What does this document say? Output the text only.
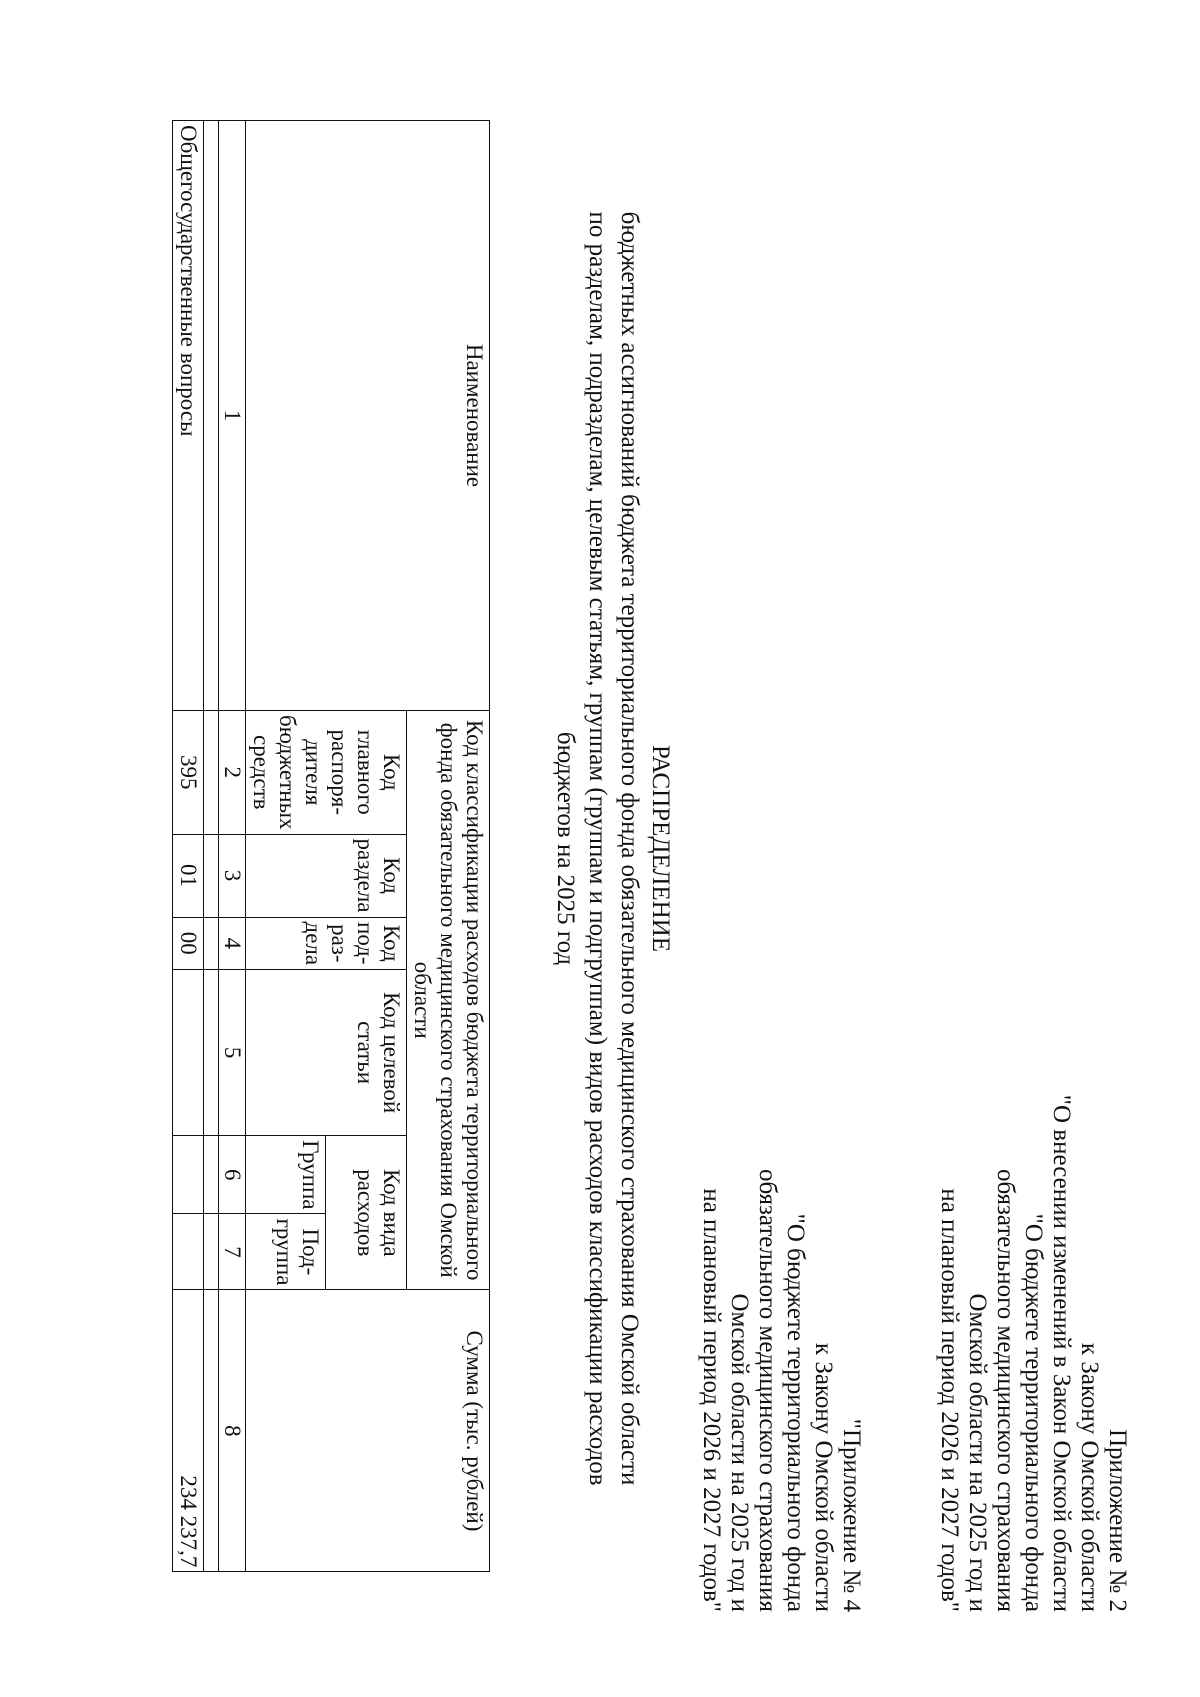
Приложение № 2
к Закону Омской области
"О внесении изменений в Закон Омской области
"О бюджете территориального фонда
обязательного медицинского страхования
Омской области на 2025 год и
на плановый период 2026 и 2027 годов"
"Приложение № 4
к Закону Омской области
"О бюджете территориального фонда
обязательного медицинского страхования
Омской области на 2025 год и
на плановый период 2026 и 2027 годов"
РАСПРЕДЕЛЕНИЕ
бюджетных ассигнований бюджета территориального фонда обязательного медицинского страхования Омской области
по разделам, подразделам, целевым статьям, группам (группам и подгруппам) видов расходов классификации расходов
бюджетов на 2025 год
Наименование	Код классификации расходов бюджета территориального фонда обязательного медицинского страхования Омской области						Сумма (тыс. рублей)
	Код главного распоря-дителя бюджетных средств	Код раздела	Код под-раз-дела	Код целевой статьи	Код вида расходов		
					Группа	Под-группа	
1	2	3	4	5	6	7	8

Общегосударственные вопросы	395	01	00				234 237,7
